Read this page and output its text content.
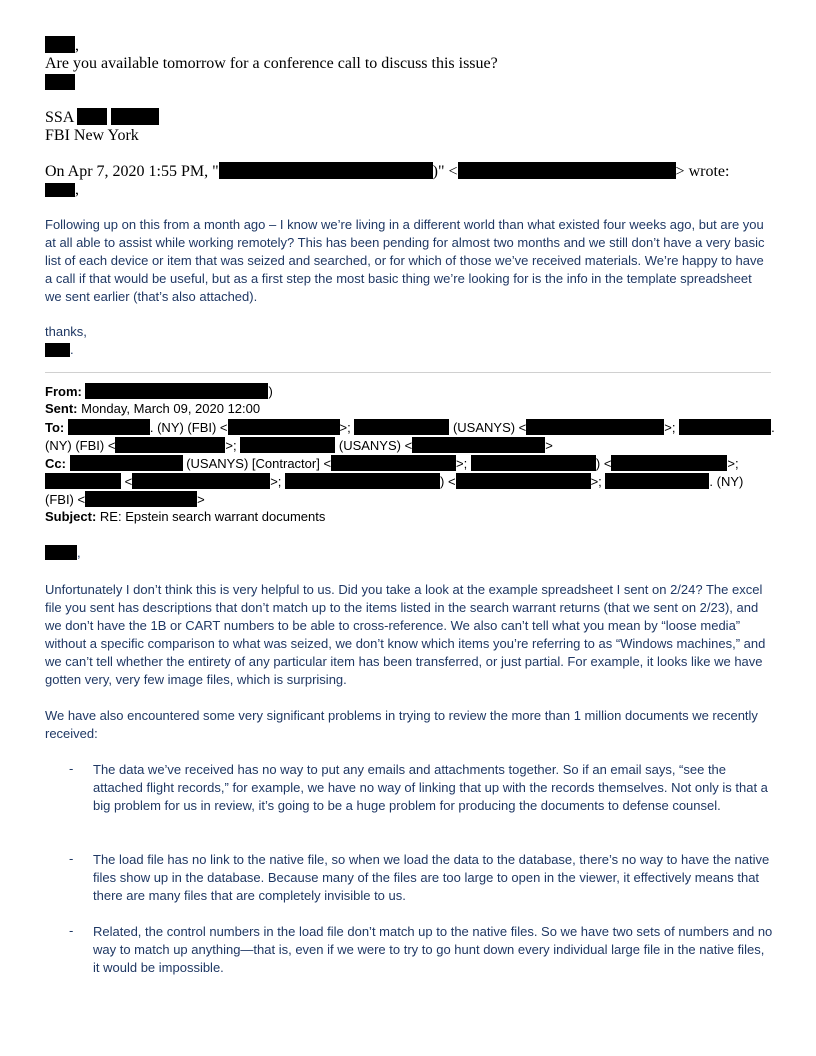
,
Are you available tomorrow for a conference call to discuss this issue?
SSA
FBI New York
On Apr 7, 2020 1:55 PM, "	)" <	> wrote:
,
Following up on this from a month ago – I know we’re living in a different world than what existed four weeks ago, but are you at all able to assist while working remotely? This has been pending for almost two months and we still don’t have a very basic list of each device or item that was seized and searched, or for which of those we’ve received materials. We’re happy to have a call if that would be useful, but as a first step the most basic thing we’re looking for is the info in the template spreadsheet we sent earlier (that’s also attached).
thanks,
.
From:	)
Sent: Monday, March 09, 2020 12:00
To:	. (NY) (FBI) <	>;	(USANYS) <	>;	.
(NY) (FBI) <	>;	(USANYS) <	>
Cc:	(USANYS) [Contractor] <	>;	) <	>;
<	>;	) <	>;	. (NY)
(FBI) <	>
Subject: RE: Epstein search warrant documents
,
Unfortunately I don’t think this is very helpful to us. Did you take a look at the example spreadsheet I sent on 2/24? The excel file you sent has descriptions that don’t match up to the items listed in the search warrant returns (that we sent on 2/23), and we don’t have the 1B or CART numbers to be able to cross-reference. We also can’t tell what you mean by “loose media” without a specific comparison to what was seized, we don’t know which items you’re referring to as “Windows machines,” and we can’t tell whether the entirety of any particular item has been transferred, or just partial. For example, it looks like we have gotten very, very few image files, which is surprising.
We have also encountered some very significant problems in trying to review the more than 1 million documents we recently received:
- The data we’ve received has no way to put any emails and attachments together. So if an email says, “see the attached flight records,” for example, we have no way of linking that up with the records themselves. Not only is that a big problem for us in review, it’s going to be a huge problem for producing the documents to defense counsel.
- The load file has no link to the native file, so when we load the data to the database, there’s no way to have the native files show up in the database. Because many of the files are too large to open in the viewer, it effectively means that there are many files that are completely invisible to us.
- Related, the control numbers in the load file don’t match up to the native files. So we have two sets of numbers and no way to match up anything—that is, even if we were to try to go hunt down every individual large file in the native files, it would be impossible.
